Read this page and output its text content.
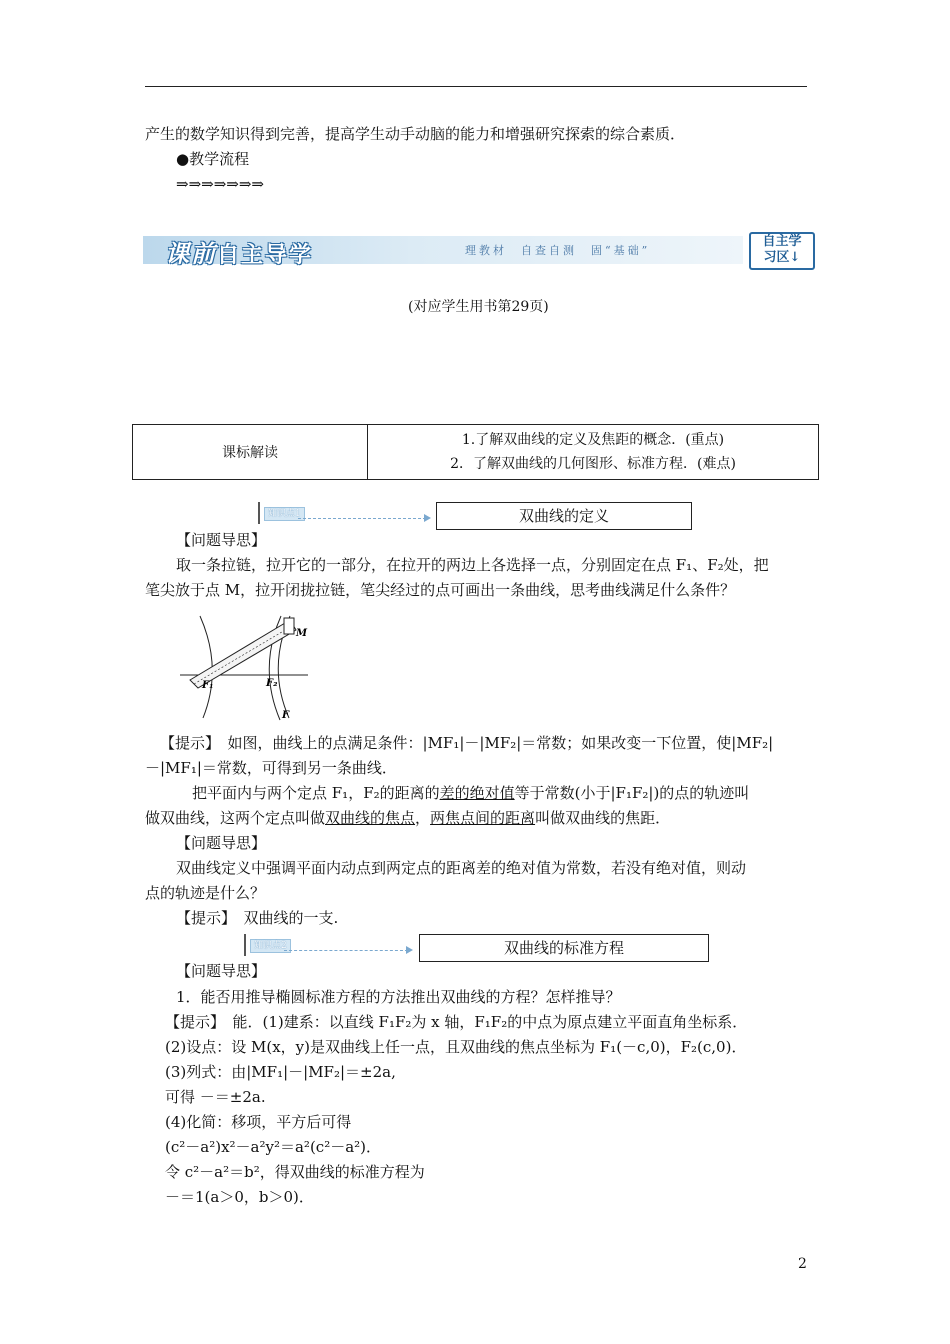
产生的数学知识得到完善，提高学生动手动脑的能力和增强研究探索的综合素质．
●教学流程
⇒⇒⇒⇒⇒⇒⇒
课前自主导学	理教材　自查自测　固“基础”
自主学
习区↓
(对应学生用书第29页)
课标解读	
1.了解双曲线的定义及焦距的概念．(重点)
2．了解双曲线的几何图形、标准方程．(难点)
知识点1	双曲线的定义
【问题导思】
取一条拉链，拉开它的一部分，在拉开的两边上各选择一点，分别固定在点 F₁、F₂处，把
笔尖放于点 M，拉开闭拢拉链，笔尖经过的点可画出一条曲线，思考曲线满足什么条件？
M
F₁	F₂
F
【提示】　如图，曲线上的点满足条件：|MF₁|－|MF₂|＝常数；如果改变一下位置，使|MF₂|
－|MF₁|＝常数，可得到另一条曲线．
把平面内与两个定点 F₁，F₂的距离的差的绝对值等于常数(小于|F₁F₂|)的点的轨迹叫
做双曲线，这两个定点叫做双曲线的焦点，两焦点间的距离叫做双曲线的焦距．
【问题导思】
双曲线定义中强调平面内动点到两定点的距离差的绝对值为常数，若没有绝对值，则动
点的轨迹是什么？
【提示】　双曲线的一支.
知识点2	双曲线的标准方程
【问题导思】
1．能否用推导椭圆标准方程的方法推出双曲线的方程？怎样推导？
【提示】　能．(1)建系：以直线 F₁F₂为 x 轴，F₁F₂的中点为原点建立平面直角坐标系．
(2)设点：设 M(x，y)是双曲线上任一点，且双曲线的焦点坐标为 F₁(－c,0)，F₂(c,0)．
(3)列式：由|MF₁|－|MF₂|＝±2a,
可得 －＝±2a.
(4)化简：移项，平方后可得
(c²－a²)x²－a²y²＝a²(c²－a²)．
令 c²－a²＝b²，得双曲线的标准方程为
－＝1(a＞0，b＞0)．
2
